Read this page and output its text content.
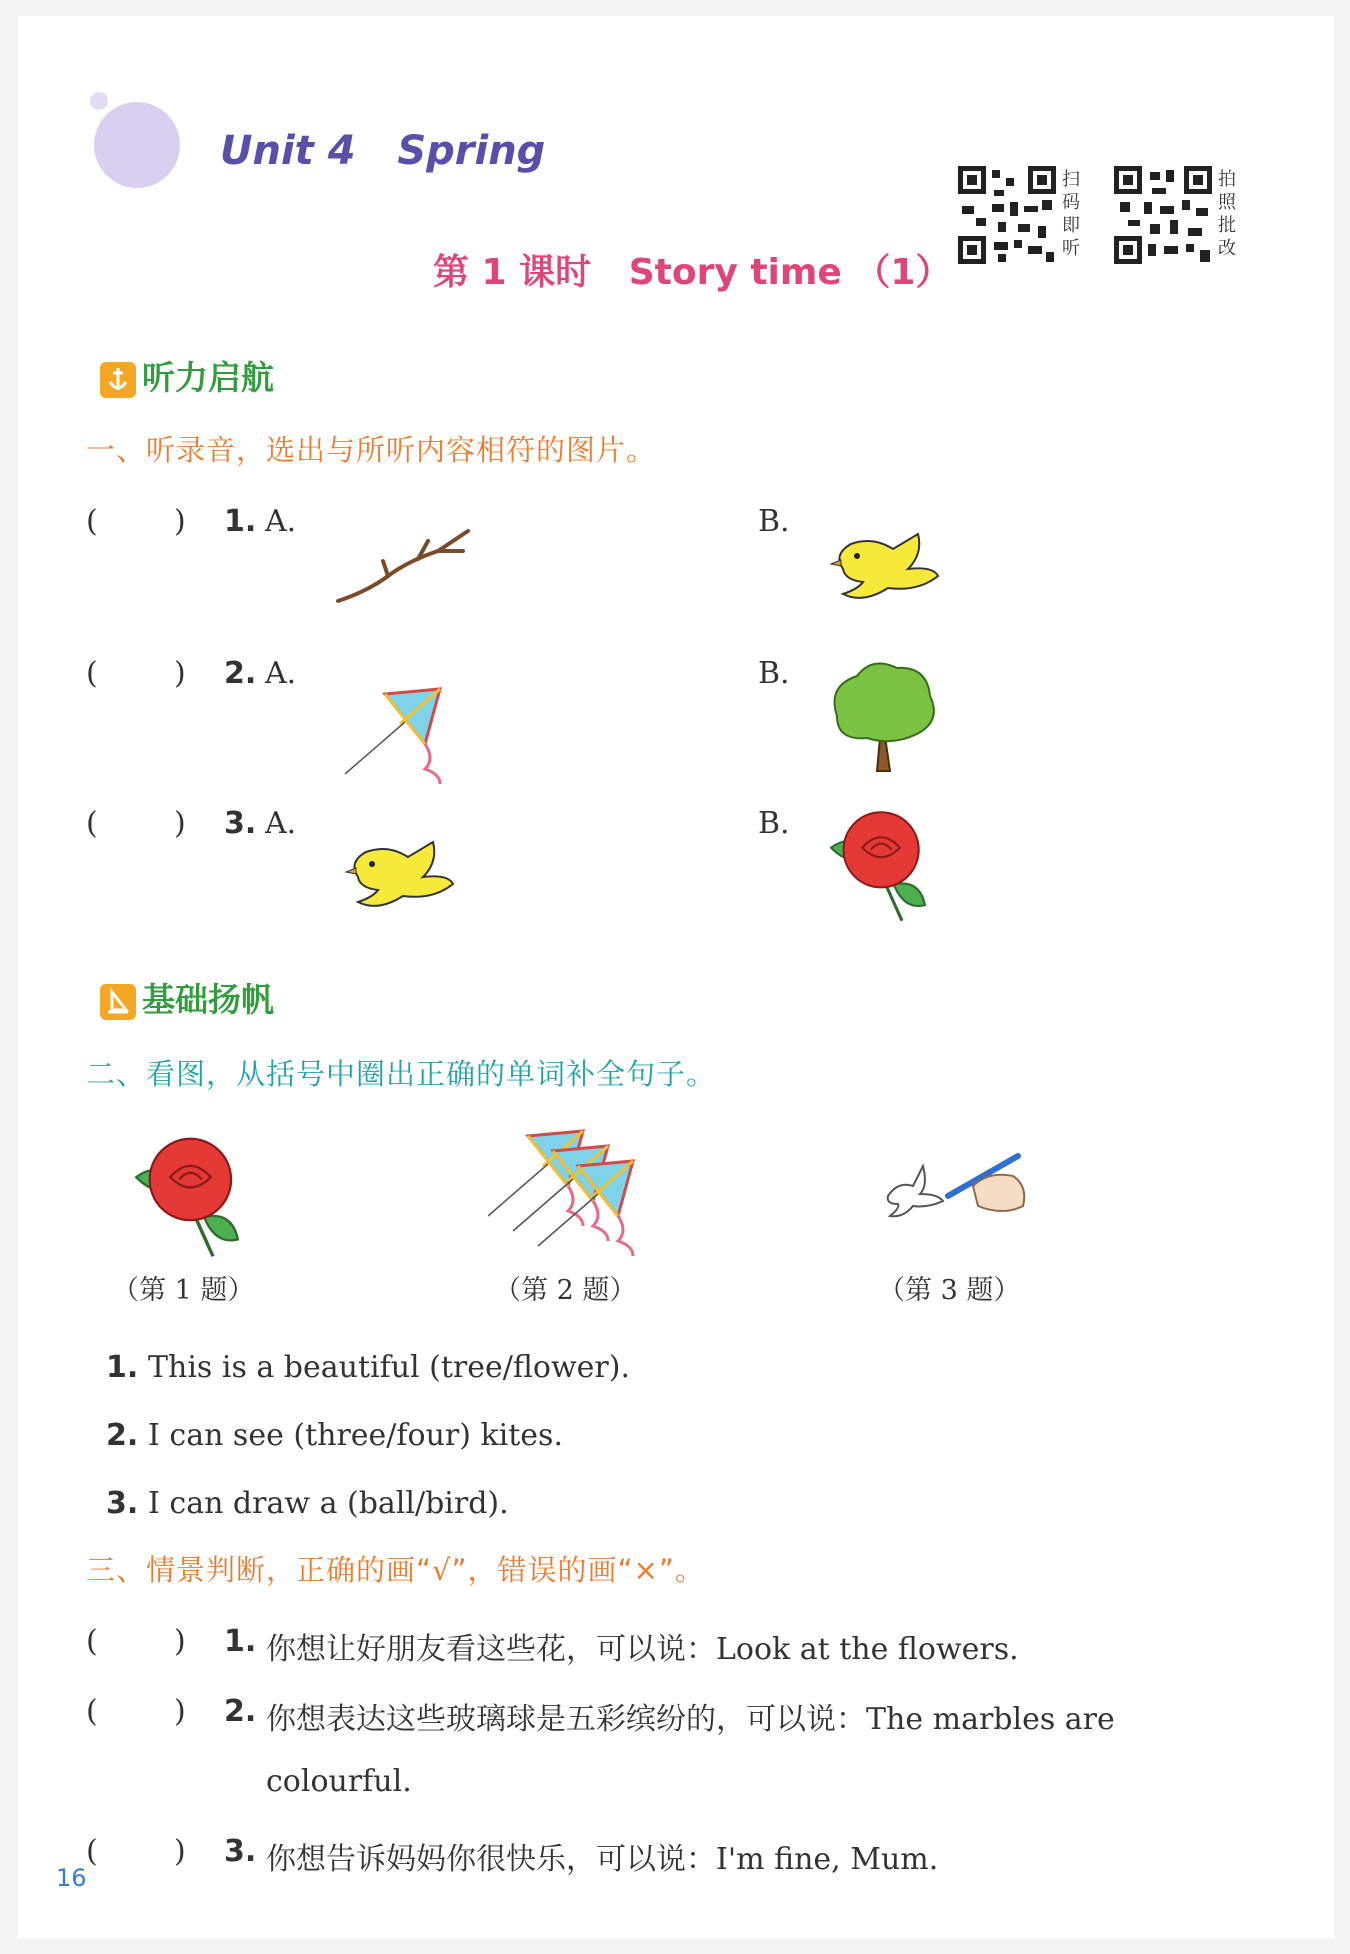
Unit 4   Spring
第 1 课时   Story time （1）
扫码即听
拍照批改
听力启航
一、听录音，选出与所听内容相符的图片。
(        ) 1. A.	B.
(        ) 2. A.	B.
(        ) 3. A.	B.
基础扬帆
二、看图，从括号中圈出正确的单词补全句子。
（第 1 题）	（第 2 题）	（第 3 题）
1. This is a beautiful (tree/flower).
2. I can see (three/four) kites.
3. I can draw a (ball/bird).
三、情景判断，正确的画“√”，错误的画“×”。
(        ) 1. 你想让好朋友看这些花，可以说：Look at the flowers.
(        ) 2. 你想表达这些玻璃球是五彩缤纷的，可以说：The marbles are
colourful.
(        ) 3. 你想告诉妈妈你很快乐，可以说：I'm fine, Mum.
16
